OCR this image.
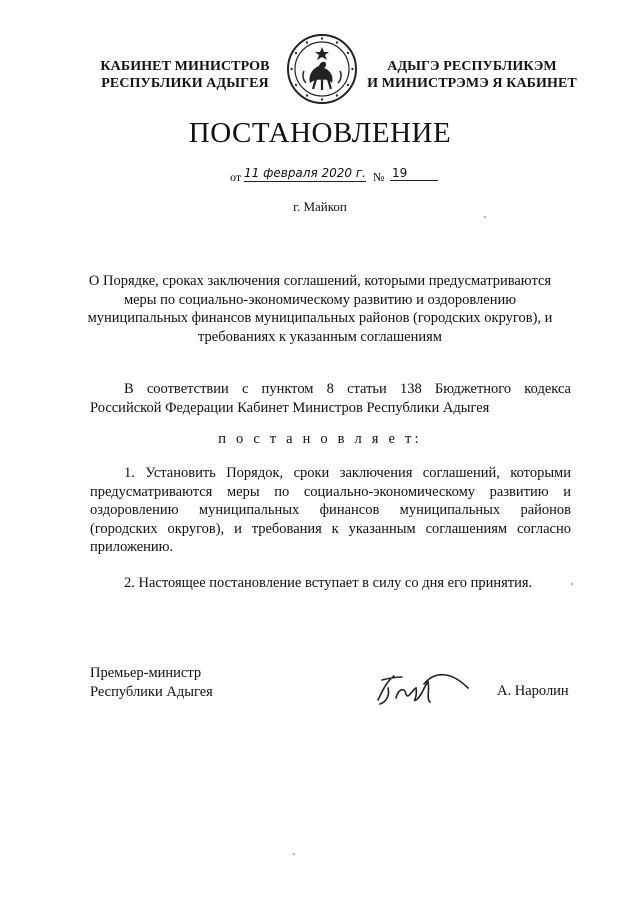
КАБИНЕТ МИНИСТРОВ
РЕСПУБЛИКИ АДЫГЕЯ
АДЫГЭ РЕСПУБЛИКЭМ
И МИНИСТРЭМЭ Я КАБИНЕТ
ПОСТАНОВЛЕНИЕ
от 11 февраля 2020 г. № 19
г. Майкоп
О Порядке, сроках заключения соглашений, которыми предусматриваются
меры по социально-экономическому развитию и оздоровлению
муниципальных финансов муниципальных районов (городских округов), и
требованиях к указанным соглашениям
В соответствии с пунктом 8 статьи 138 Бюджетного кодекса
Российской Федерации Кабинет Министров Республики Адыгея
п о с т а н о в л я е т:
1. Установить Порядок, сроки заключения соглашений, которыми предусматриваются меры по социально-экономическому развитию и оздоровлению муниципальных финансов муниципальных районов (городских округов), и требования к указанным соглашениям согласно приложению.
2. Настоящее постановление вступает в силу со дня его принятия.
Премьер-министр
Республики Адыгея	А. Наролин
